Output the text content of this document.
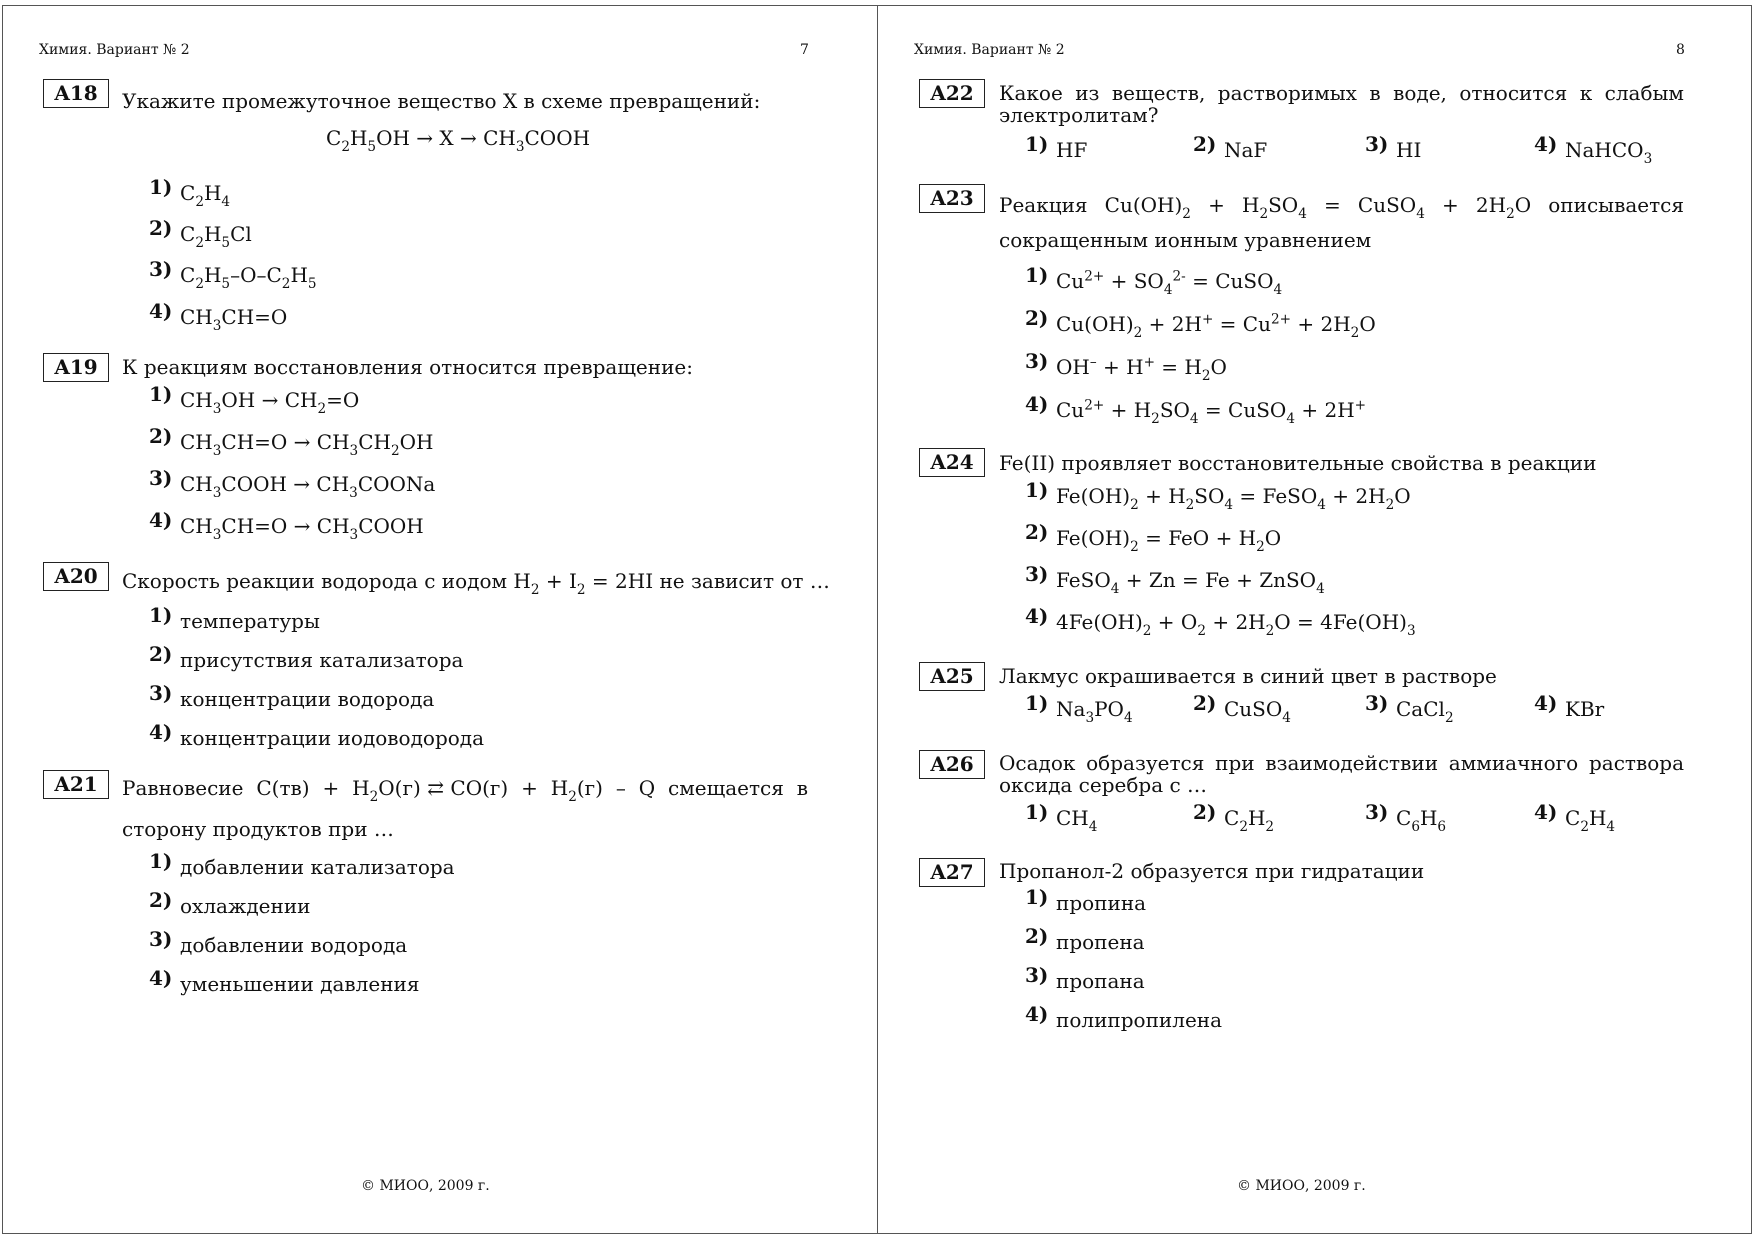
Химия. Вариант № 2	7
A18	Укажите промежуточное вещество X в схеме превращений:
$C_2H_5OH \to X$ → $CH_3COOH$
1) $C_2H_4$
2) $C_2H_5Cl$
3) $C_2H_5-O-C_2H_5$
4) $CH_3CH=O$
A19	К реакциям восстановления относится превращение:
1) $CH_3OH \to CH_2=O$
2) $CH_3CH=O \to CH_3CH_2OH$
3) $CH_3COOH$ → $CH_3COONa$
4) $CH_3CH=O$ → $CH_3COOH$
A20	Скорость реакции водорода с иодом $H_2 + I_2 = 2HI$ не зависит от …
1) температуры
2) присутствия катализатора
3) концентрации водорода
4) концентрации иодоводорода
A21	Равновесие  $C(тв) + H_2O(г)$ ⇄ $CO(г) + H_2(г) - Q$  смещается  в
сторону продуктов при …
1) добавлении катализатора
2) охлаждении
3) добавлении водорода
4) уменьшении давления
© МИОО, 2009 г.
Химия. Вариант № 2	8
A22	Какое из веществ, растворимых в воде, относится к слабым электролитам?
1) HF	2) NaF	3) HI	4) NaHCO$_3$
A23	Реакция  $Cu(OH)_2 + H_2SO_4$  =  CuSO$_4$  +  $2H_2O$  описывается
сокращенным ионным уравнением
1) $Cu^{2+} + SO_4^{2-}$ = CuSO$_4$
2) $Cu(OH)_2 + 2H^+ = Cu^{2+} + 2H_2O$
3) $OH^- + H^+ = H_2O$
4) $Cu^{2+} + H_2SO_4$ = CuSO$_4$ + 2H+
A24	Fe(II) проявляет восстановительные свойства в реакции
1) $Fe(OH)_2 + H_2SO_4$ = FeSO$_4$ + $2H_2O$
2) $Fe(OH)_2$ = FeO + $H_2O$
3) FeSO$_4$ + Zn = Fe + ZnSO$_4$
4) $4Fe(OH)_2 + O_2 + 2H_2O = 4Fe(OH)_3$
A25	Лакмус окрашивается в синий цвет в растворе
1) $Na_3PO_4$
2) CuSO$_4$
3) CaCl$_2$
4) KBr
A26	Осадок образуется при взаимодействии аммиачного раствора оксида серебра с …
1) $CH_4$
2) $C_2H_2$
3) $C_6H_6$
4) $C_2H_4$
A27	Пропанол-2 образуется при гидратации
1) пропина
2) пропена
3) пропана
4) полипропилена
© МИОО, 2009 г.
